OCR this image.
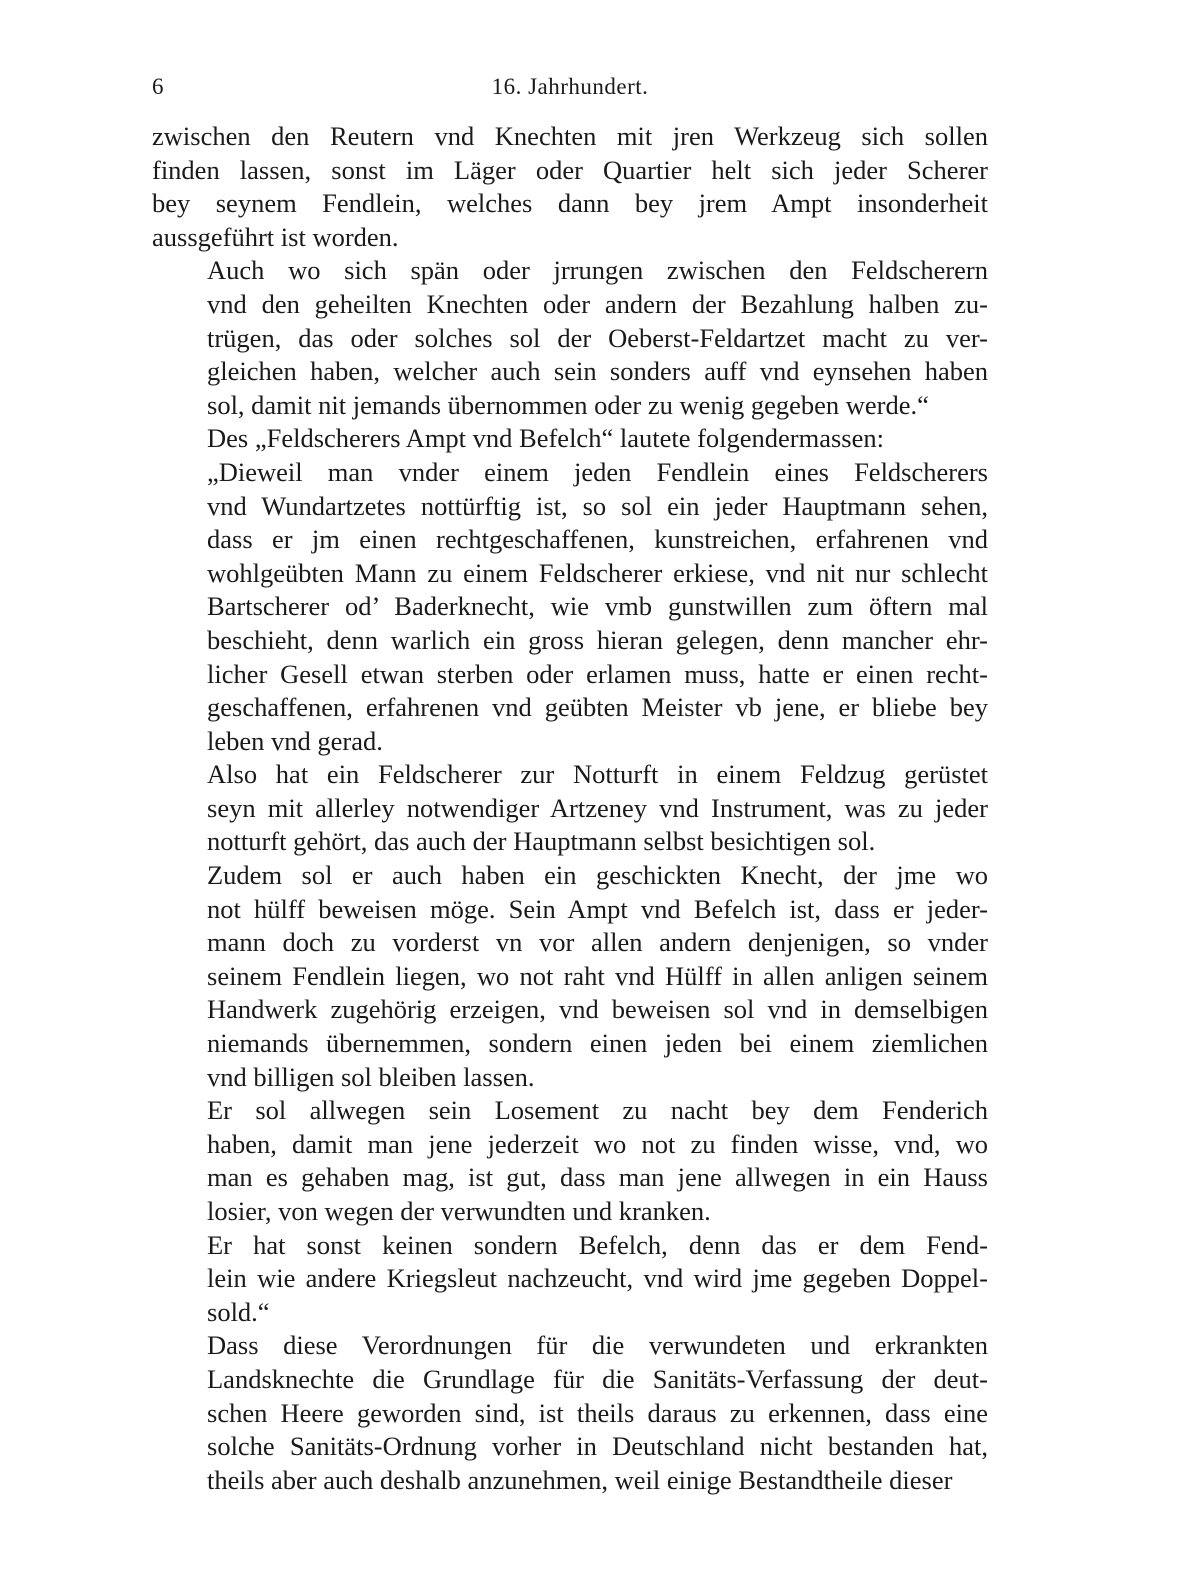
6	16. Jahrhundert.

zwischen den Reutern vnd Knechten mit jren Werkzeug sich sollen
finden lassen, sonst im Läger oder Quartier helt sich jeder Scherer
bey seynem Fendlein, welches dann bey jrem Ampt insonderheit
aussgeführt ist worden.

Auch wo sich spän oder jrrungen zwischen den Feldscherern
vnd den geheilten Knechten oder andern der Bezahlung halben zu-
trügen, das oder solches sol der Oeberst-Feldartzet macht zu ver-
gleichen haben, welcher auch sein sonders auff vnd eynsehen haben
sol, damit nit jemands übernommen oder zu wenig gegeben werde.“

Des „Feldscherers Ampt vnd Befelch“ lautete folgendermassen:

„Dieweil man vnder einem jeden Fendlein eines Feldscherers
vnd Wundartzetes nottürftig ist, so sol ein jeder Hauptmann sehen,
dass er jm einen rechtgeschaffenen, kunstreichen, erfahrenen vnd
wohlgeübten Mann zu einem Feldscherer erkiese, vnd nit nur schlecht
Bartscherer od’ Baderknecht, wie vmb gunstwillen zum öftern mal
beschieht, denn warlich ein gross hieran gelegen, denn mancher ehr-
licher Gesell etwan sterben oder erlamen muss, hatte er einen recht-
geschaffenen, erfahrenen vnd geübten Meister vb jene, er bliebe bey
leben vnd gerad.

Also hat ein Feldscherer zur Notturft in einem Feldzug gerüstet
seyn mit allerley notwendiger Artzeney vnd Instrument, was zu jeder
notturft gehört, das auch der Hauptmann selbst besichtigen sol.

Zudem sol er auch haben ein geschickten Knecht, der jme wo
not hülff beweisen möge. Sein Ampt vnd Befelch ist, dass er jeder-
mann doch zu vorderst vn vor allen andern denjenigen, so vnder
seinem Fendlein liegen, wo not raht vnd Hülff in allen anligen seinem
Handwerk zugehörig erzeigen, vnd beweisen sol vnd in demselbigen
niemands übernemmen, sondern einen jeden bei einem ziemlichen
vnd billigen sol bleiben lassen.

Er sol allwegen sein Losement zu nacht bey dem Fenderich
haben, damit man jene jederzeit wo not zu finden wisse, vnd, wo
man es gehaben mag, ist gut, dass man jene allwegen in ein Hauss
losier, von wegen der verwundten und kranken.

Er hat sonst keinen sondern Befelch, denn das er dem Fend-
lein wie andere Kriegsleut nachzeucht, vnd wird jme gegeben Doppel-
sold.“

Dass diese Verordnungen für die verwundeten und erkrankten
Landsknechte die Grundlage für die Sanitäts-Verfassung der deut-
schen Heere geworden sind, ist theils daraus zu erkennen, dass eine
solche Sanitäts-Ordnung vorher in Deutschland nicht bestanden hat,
theils aber auch deshalb anzunehmen, weil einige Bestandtheile dieser
